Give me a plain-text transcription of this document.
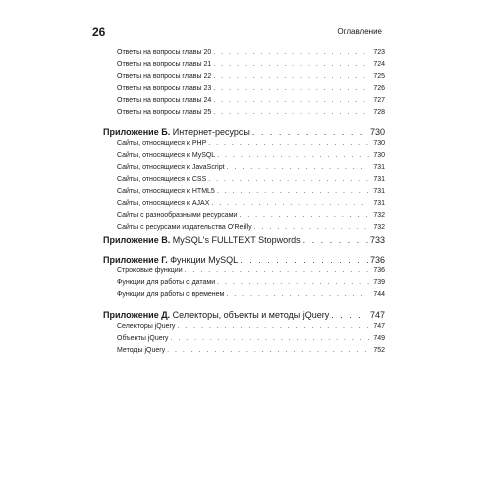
26	Оглавление
Ответы на вопросы главы 20 . . .	723
Ответы на вопросы главы 21 . . .	724
Ответы на вопросы главы 22 . . .	725
Ответы на вопросы главы 23 . . .	726
Ответы на вопросы главы 24 . . .	727
Ответы на вопросы главы 25 . . .	728
Приложение Б. Интернет-ресурсы . . .	730
Сайты, относящиеся к PHP . . .	730
Сайты, относящиеся к MySQL . . .	730
Сайты, относящиеся к JavaScript . . .	731
Сайты, относящиеся к CSS . . .	731
Сайты, относящиеся к HTML5 . . .	731
Сайты, относящиеся к AJAX . . .	731
Сайты с разнообразными ресурсами . . .	732
Сайты с ресурсами издательства O'Reilly . . .	732
Приложение В. MySQL's FULLTEXT Stopwords . . .	733
Приложение Г. Функции MySQL . . .	736
Строковые функции . . .	736
Функции для работы с датами . . .	739
Функции для работы с временем . . .	744
Приложение Д. Селекторы, объекты и методы jQuery . . .	747
Селекторы jQuery . . .	747
Объекты jQuery . . .	749
Методы jQuery . . .	752
